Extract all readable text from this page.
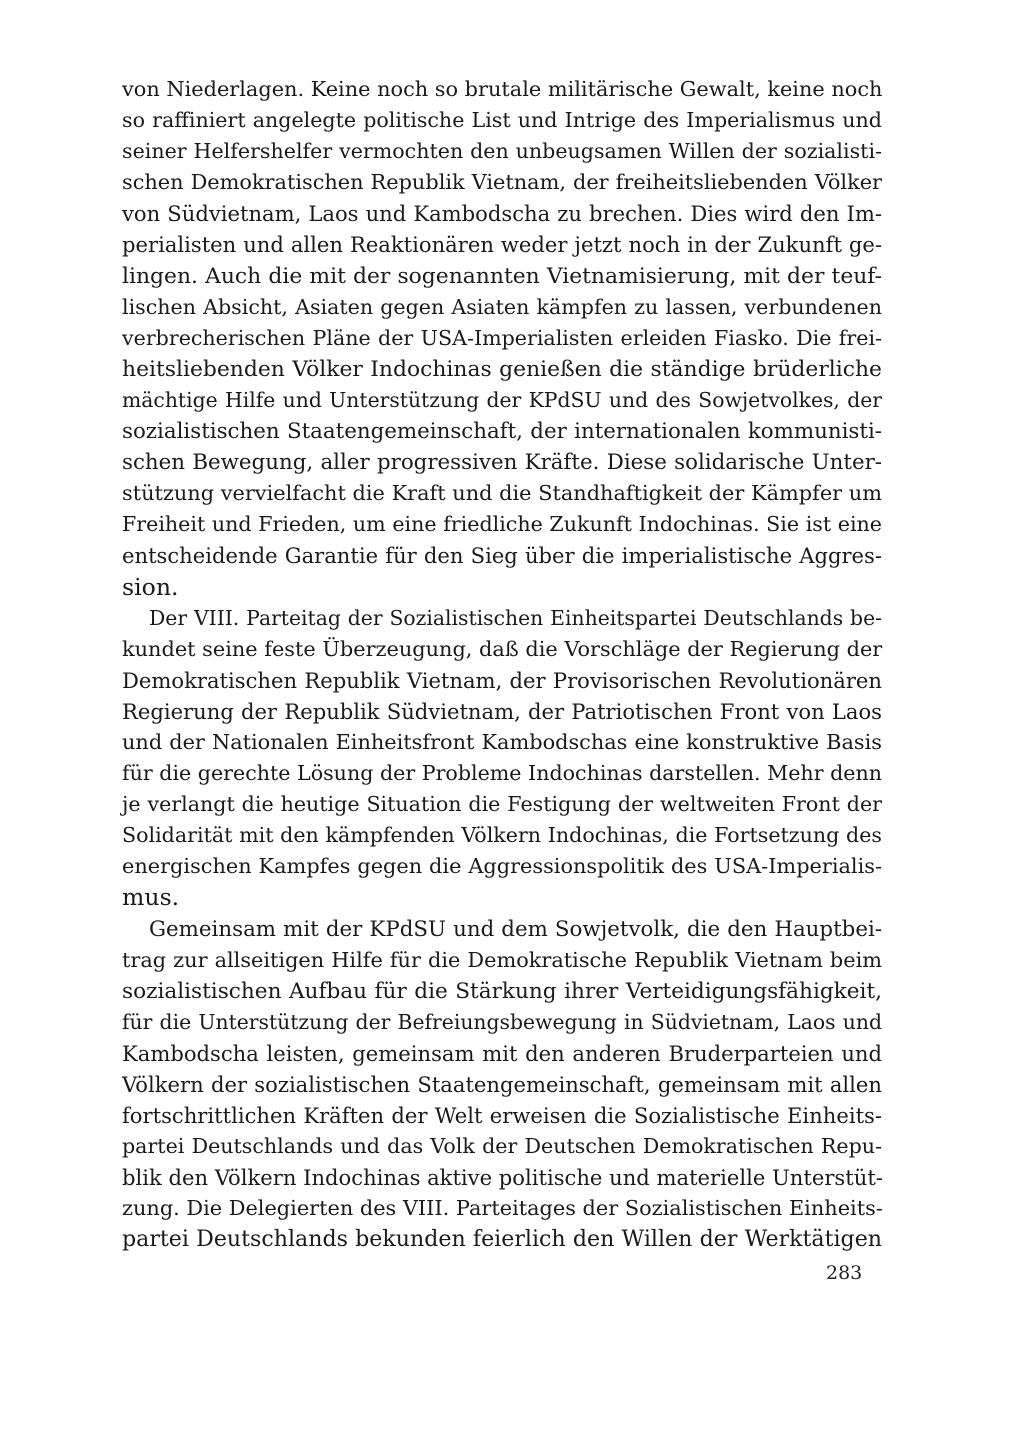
von Niederlagen. Keine noch so brutale militärische Gewalt, keine noch
so raffiniert angelegte politische List und Intrige des Imperialismus und
seiner Helfershelfer vermochten den unbeugsamen Willen der sozialisti-
schen Demokratischen Republik Vietnam, der freiheitsliebenden Völker
von Südvietnam, Laos und Kambodscha zu brechen. Dies wird den Im-
perialisten und allen Reaktionären weder jetzt noch in der Zukunft ge-
lingen. Auch die mit der sogenannten Vietnamisierung, mit der teuf-
lischen Absicht, Asiaten gegen Asiaten kämpfen zu lassen, verbundenen
verbrecherischen Pläne der USA-Imperialisten erleiden Fiasko. Die frei-
heitsliebenden Völker Indochinas genießen die ständige brüderliche
mächtige Hilfe und Unterstützung der KPdSU und des Sowjetvolkes, der
sozialistischen Staatengemeinschaft, der internationalen kommunisti-
schen Bewegung, aller progressiven Kräfte. Diese solidarische Unter-
stützung vervielfacht die Kraft und die Standhaftigkeit der Kämpfer um
Freiheit und Frieden, um eine friedliche Zukunft Indochinas. Sie ist eine
entscheidende Garantie für den Sieg über die imperialistische Aggres-
sion.
Der VIII. Parteitag der Sozialistischen Einheitspartei Deutschlands be-
kundet seine feste Überzeugung, daß die Vorschläge der Regierung der
Demokratischen Republik Vietnam, der Provisorischen Revolutionären
Regierung der Republik Südvietnam, der Patriotischen Front von Laos
und der Nationalen Einheitsfront Kambodschas eine konstruktive Basis
für die gerechte Lösung der Probleme Indochinas darstellen. Mehr denn
je verlangt die heutige Situation die Festigung der weltweiten Front der
Solidarität mit den kämpfenden Völkern Indochinas, die Fortsetzung des
energischen Kampfes gegen die Aggressionspolitik des USA-Imperialis-
mus.
Gemeinsam mit der KPdSU und dem Sowjetvolk, die den Hauptbei-
trag zur allseitigen Hilfe für die Demokratische Republik Vietnam beim
sozialistischen Aufbau für die Stärkung ihrer Verteidigungsfähigkeit,
für die Unterstützung der Befreiungsbewegung in Südvietnam, Laos und
Kambodscha leisten, gemeinsam mit den anderen Bruderparteien und
Völkern der sozialistischen Staatengemeinschaft, gemeinsam mit allen
fortschrittlichen Kräften der Welt erweisen die Sozialistische Einheits-
partei Deutschlands und das Volk der Deutschen Demokratischen Repu-
blik den Völkern Indochinas aktive politische und materielle Unterstüt-
zung. Die Delegierten des VIII. Parteitages der Sozialistischen Einheits-
partei Deutschlands bekunden feierlich den Willen der Werktätigen
283
